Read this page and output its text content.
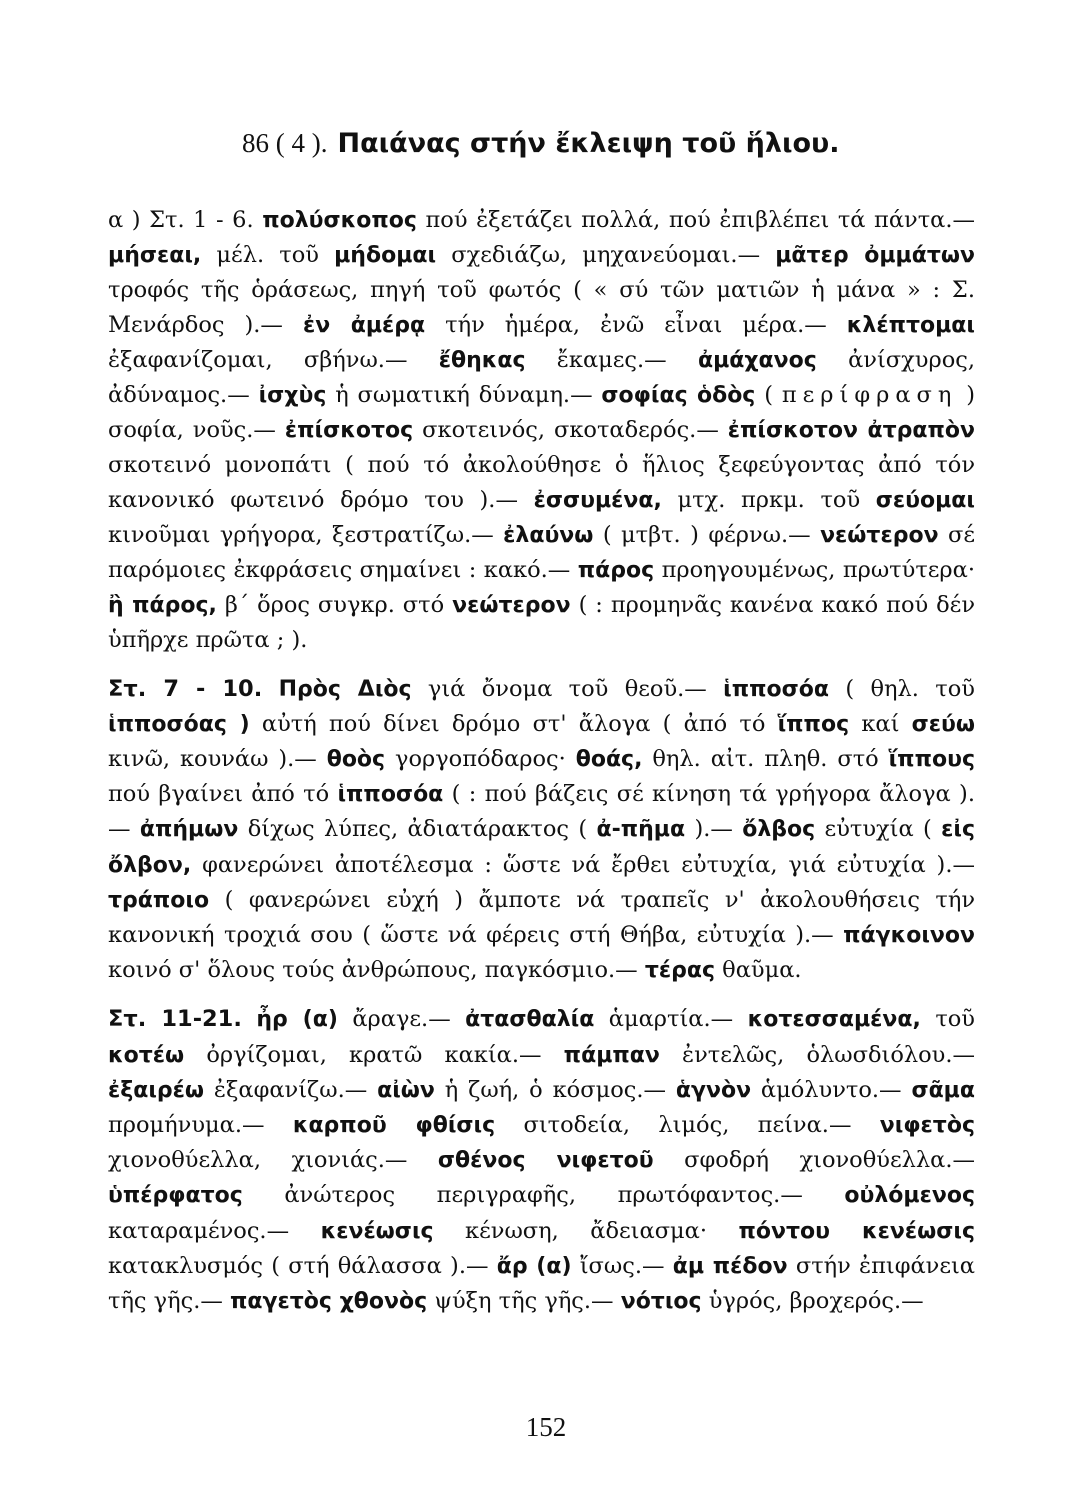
86 ( 4 ). Παιάνας στήν ἔκλειψη τοῦ ἥλιου.

α ) Στ. 1 - 6. πολύσκοπος πού ἐξετάζει πολλά, πού ἐπιβλέπει τά πάντα.— μήσεαι, μέλ. τοῦ μήδομαι σχεδιάζω, μηχανεύομαι.— μᾶτερ ὀμμάτων τροφός τῆς ὁράσεως, πηγή τοῦ φωτός ( « σύ τῶν ματιῶν ἡ μάνα » : Σ. Μενάρδος ).— ἐν ἀμέρᾳ τήν ἡμέρα, ἐνῶ εἶναι μέρα.— κλέπτομαι ἐξαφανίζομαι, σβήνω.— ἔθηκας ἔκαμες.— ἀμάχανος ἀνίσχυρος, ἀδύναμος.— ἰσχὺς ἡ σωματική δύναμη.— σοφίας ὁδὸς ( περίφραση ) σοφία, νοῦς.— ἐπίσκοτος σκοτεινός, σκοταδερός.— ἐπίσκοτον ἀτραπὸν σκοτεινό μονοπάτι ( πού τό ἀκολούθησε ὁ ἥλιος ξεφεύγοντας ἀπό τόν κανονικό φωτεινό δρόμο του ).— ἐσσυμένα, μτχ. πρκμ. τοῦ σεύομαι κινοῦμαι γρήγορα, ξεστρατίζω.— ἐλαύνω ( μτβτ. ) φέρνω.— νεώτερον σέ παρόμοιες ἐκφράσεις σημαίνει : κακό.— πάρος προηγουμένως, πρωτύτερα· ἢ πάρος, β΄ ὅρος συγκρ. στό νεώτερον ( : προμηνᾶς κανένα κακό πού δέν ὑπῆρχε πρῶτα ; ).

Στ. 7 - 10. Πρὸς Διὸς γιά ὄνομα τοῦ θεοῦ.— ἱπποσόα ( θηλ. τοῦ ἱπποσόας ) αὐτή πού δίνει δρόμο στ' ἄλογα ( ἀπό τό ἵππος καί σεύω κινῶ, κουνάω ).— θοὸς γοργοπόδαρος· θοάς, θηλ. αἰτ. πληθ. στό ἵππους πού βγαίνει ἀπό τό ἱπποσόα ( : πού βάζεις σέ κίνηση τά γρήγορα ἄλογα ).— ἀπήμων δίχως λύπες, ἀδιατάρακτος ( ἀ-πῆμα ).— ὄλβος εὐτυχία ( εἰς ὄλβον, φανερώνει ἀποτέλεσμα : ὥστε νά ἔρθει εὐτυχία, γιά εὐτυχία ).— τράποιο ( φανερώνει εὐχή ) ἄμποτε νά τραπεῖς ν' ἀκολουθήσεις τήν κανονική τροχιά σου ( ὥστε νά φέρεις στή Θήβα, εὐτυχία ).— πάγκοινον κοινό σ' ὅλους τούς ἀνθρώπους, παγκόσμιο.— τέρας θαῦμα.

Στ. 11-21. ἦρ (α) ἄραγε.— ἀτασθαλία ἁμαρτία.— κοτεσσαμένα, τοῦ κοτέω ὀργίζομαι, κρατῶ κακία.— πάμπαν ἐντελῶς, ὁλωσδιόλου.— ἐξαιρέω ἐξαφανίζω.— αἰὼν ἡ ζωή, ὁ κόσμος.— ἁγνὸν ἁμόλυντο.— σᾶμα προμήνυμα.— καρποῦ φθίσις σιτοδεία, λιμός, πείνα.— νιφετὸς χιονοθύελλα, χιονιάς.— σθένος νιφετοῦ σφοδρή χιονοθύελλα.— ὑπέρφατος ἀνώτερος περιγραφῆς, πρωτόφαντος.— οὐλόμενος καταραμένος.— κενέωσις κένωση, ἄδειασμα· πόντου κενέωσις κατακλυσμός ( στή θάλασσα ).— ἄρ (α) ἴσως.— ἀμ πέδον στήν ἐπιφάνεια τῆς γῆς.— παγετὸς χθονὸς ψύξη τῆς γῆς.— νότιος ὑγρός, βροχερός.—

152
